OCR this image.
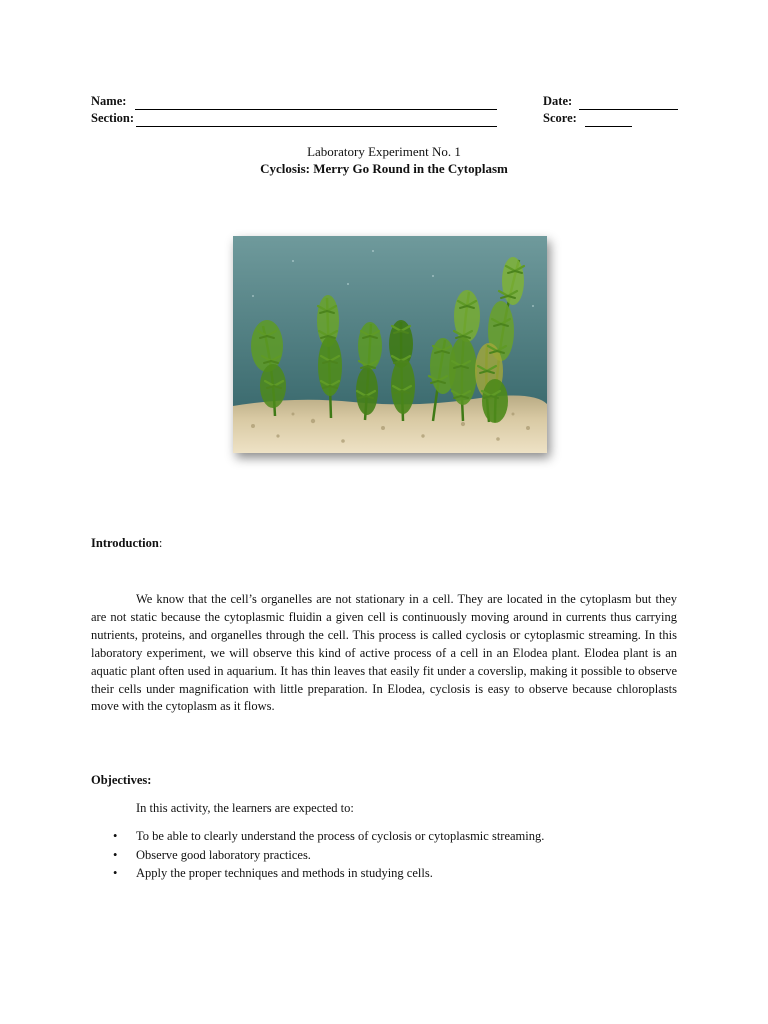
Name:	Date:
Section:	Score:
Laboratory Experiment No. 1
Cyclosis: Merry Go Round in the Cytoplasm
Introduction:

We know that the cell’s organelles are not stationary in a cell. They are located in the cytoplasm but they are not static because the cytoplasmic fluidin a given cell is continuously moving around in currents thus carrying nutrients, proteins, and organelles through the cell. This process is called cyclosis or cytoplasmic streaming. In this laboratory experiment, we will observe this kind of active process of a cell in an Elodea plant. Elodea plant is an aquatic plant often used in aquarium. It has thin leaves that easily fit under a coverslip, making it possible to observe their cells under magnification with little preparation. In Elodea, cyclosis is easy to observe because chloroplasts move with the cytoplasm as it flows.

Objectives:
In this activity, the learners are expected to:
• To be able to clearly understand the process of cyclosis or cytoplasmic streaming.
• Observe good laboratory practices.
• Apply the proper techniques and methods in studying cells.
